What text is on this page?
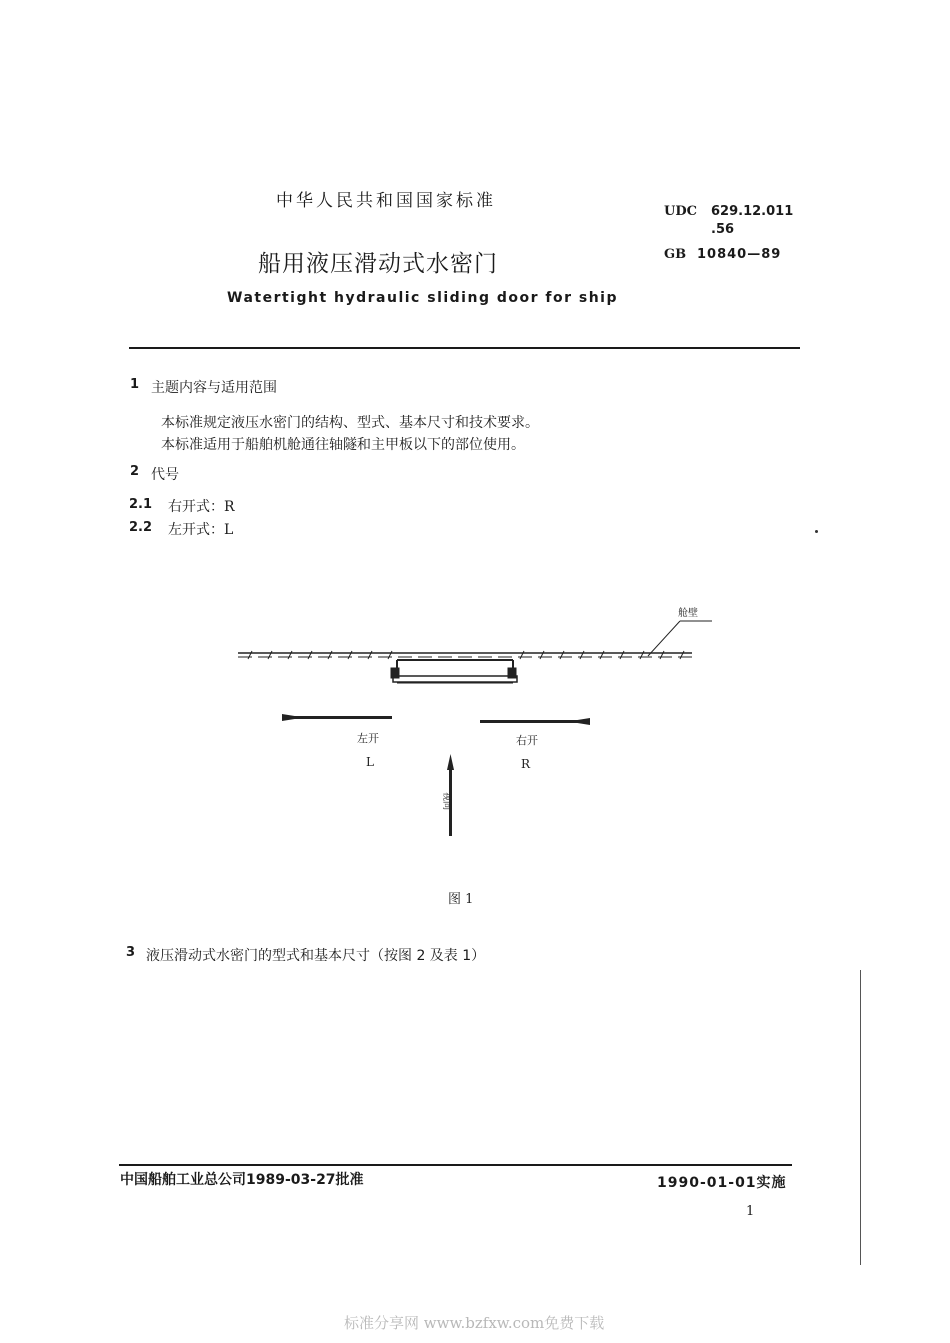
中华人民共和国国家标准
船用液压滑动式水密门
Watertight hydraulic sliding door for ship
UDC 629.12.011
.56
GB 10840—89
1 主题内容与适用范围
本标准规定液压水密门的结构、型式、基本尺寸和技术要求。
本标准适用于船舶机舱通往轴隧和主甲板以下的部位使用。
2 代号
2.1 右开式：R
2.2 左开式：L
舱壁
左开
L
右开
R
视向
图 1
3 液压滑动式水密门的型式和基本尺寸（按图 2 及表 1）
中国船舶工业总公司1989-03-27批准	1990-01-01实施
1
标准分享网 www.bzfxw.com免费下载
